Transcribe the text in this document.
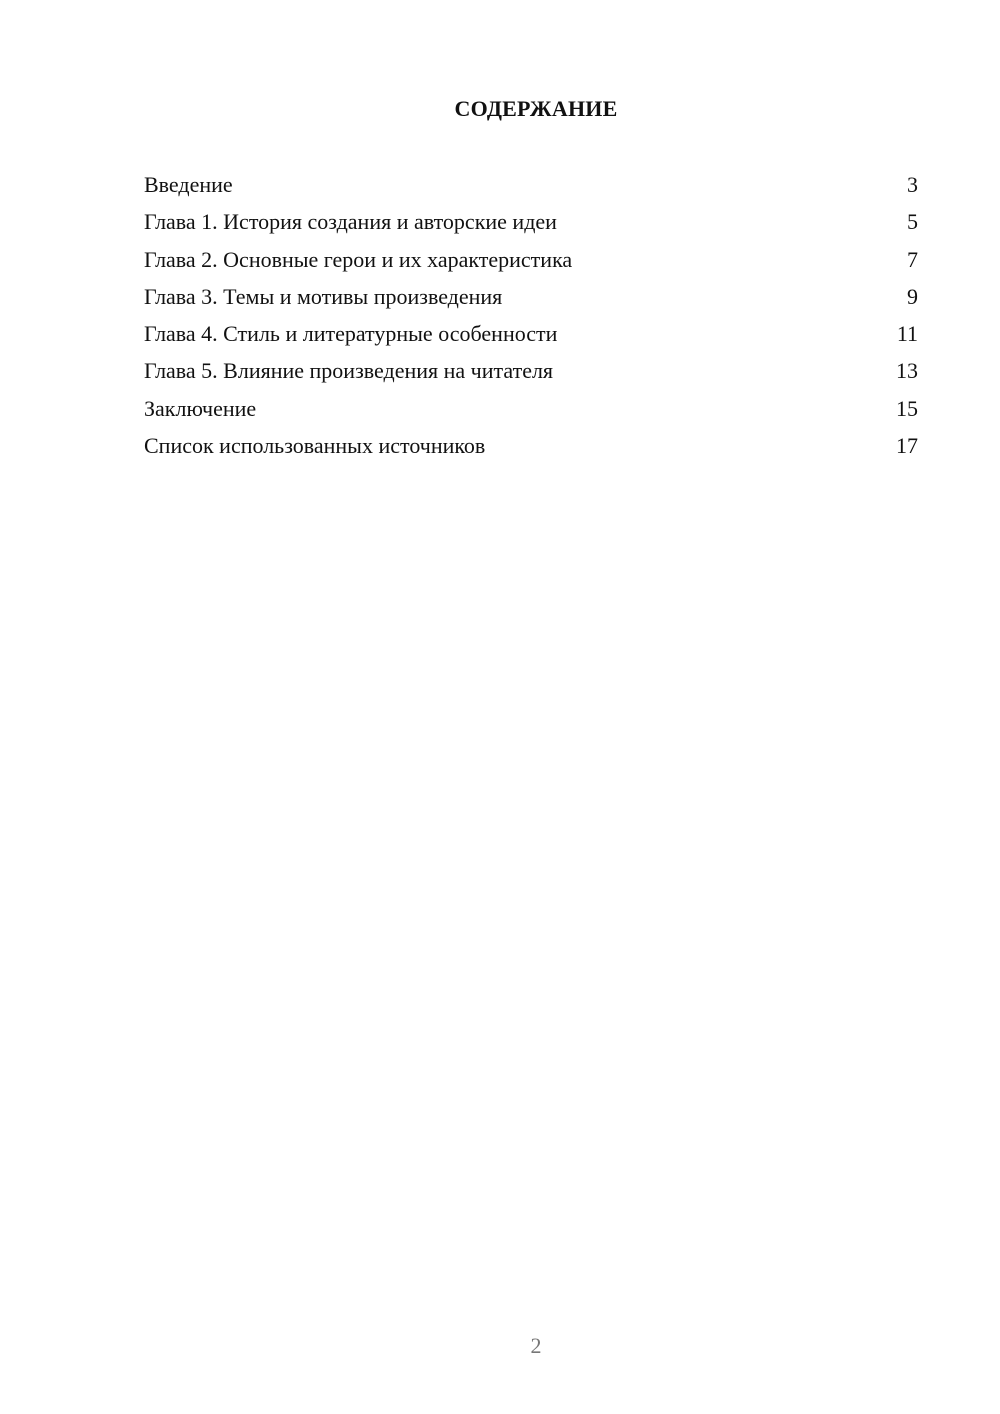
СОДЕРЖАНИЕ
Введение	3
Глава 1. История создания и авторские идеи	5
Глава 2. Основные герои и их характеристика	7
Глава 3. Темы и мотивы произведения	9
Глава 4. Стиль и литературные особенности	11
Глава 5. Влияние произведения на читателя	13
Заключение	15
Список использованных источников	17
2
